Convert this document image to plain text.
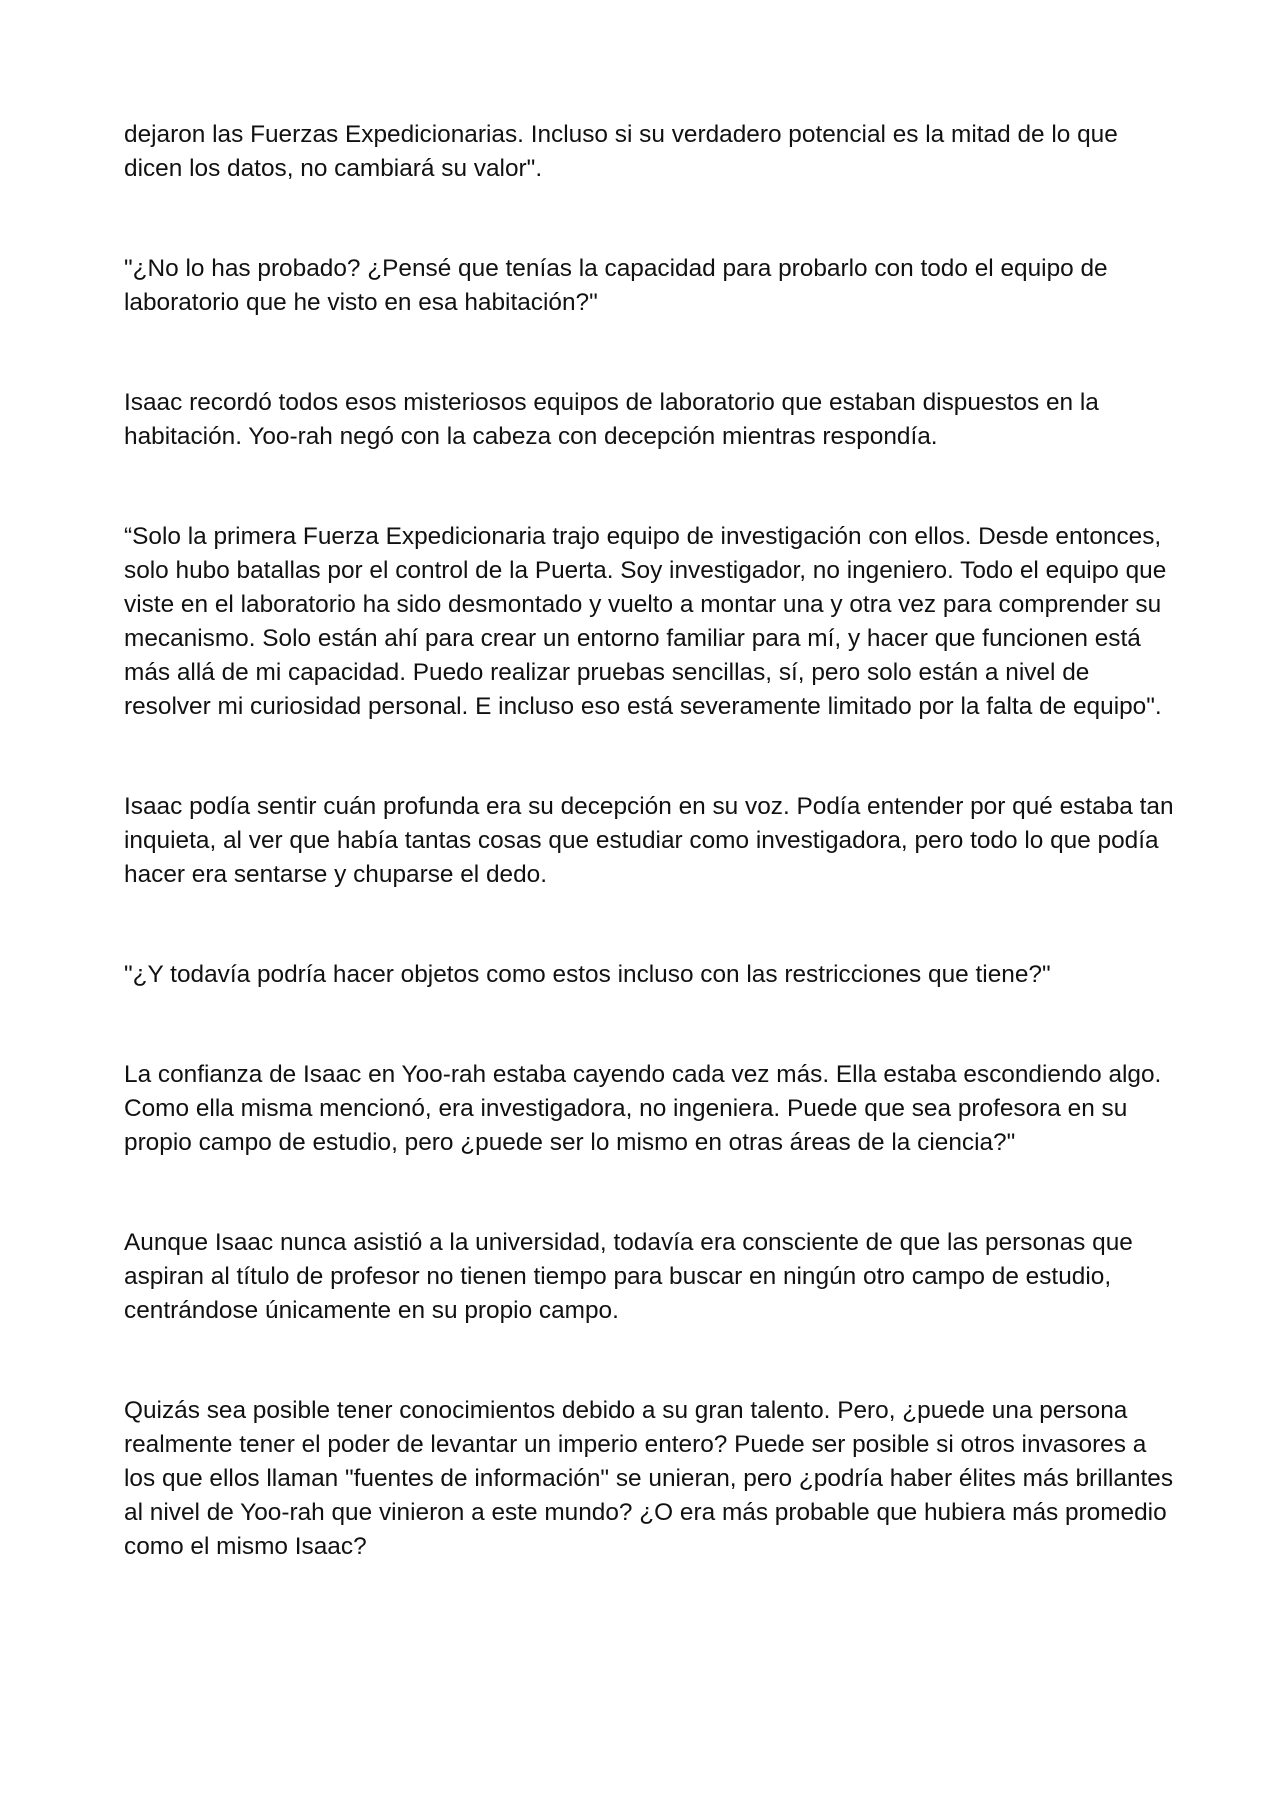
dejaron las Fuerzas Expedicionarias. Incluso si su verdadero potencial es la mitad de lo que dicen los datos, no cambiará su valor".

"¿No lo has probado? ¿Pensé que tenías la capacidad para probarlo con todo el equipo de laboratorio que he visto en esa habitación?"

Isaac recordó todos esos misteriosos equipos de laboratorio que estaban dispuestos en la habitación. Yoo-rah negó con la cabeza con decepción mientras respondía.

“Solo la primera Fuerza Expedicionaria trajo equipo de investigación con ellos. Desde entonces, solo hubo batallas por el control de la Puerta. Soy investigador, no ingeniero. Todo el equipo que viste en el laboratorio ha sido desmontado y vuelto a montar una y otra vez para comprender su mecanismo. Solo están ahí para crear un entorno familiar para mí, y hacer que funcionen está más allá de mi capacidad. Puedo realizar pruebas sencillas, sí, pero solo están a nivel de resolver mi curiosidad personal. E incluso eso está severamente limitado por la falta de equipo".

Isaac podía sentir cuán profunda era su decepción en su voz. Podía entender por qué estaba tan inquieta, al ver que había tantas cosas que estudiar como investigadora, pero todo lo que podía hacer era sentarse y chuparse el dedo.

"¿Y todavía podría hacer objetos como estos incluso con las restricciones que tiene?"

La confianza de Isaac en Yoo-rah estaba cayendo cada vez más. Ella estaba escondiendo algo. Como ella misma mencionó, era investigadora, no ingeniera. Puede que sea profesora en su propio campo de estudio, pero ¿puede ser lo mismo en otras áreas de la ciencia?"

Aunque Isaac nunca asistió a la universidad, todavía era consciente de que las personas que aspiran al título de profesor no tienen tiempo para buscar en ningún otro campo de estudio, centrándose únicamente en su propio campo.

Quizás sea posible tener conocimientos debido a su gran talento. Pero, ¿puede una persona realmente tener el poder de levantar un imperio entero? Puede ser posible si otros invasores a los que ellos llaman "fuentes de información" se unieran, pero ¿podría haber élites más brillantes al nivel de Yoo-rah que vinieron a este mundo? ¿O era más probable que hubiera más promedio como el mismo Isaac?
